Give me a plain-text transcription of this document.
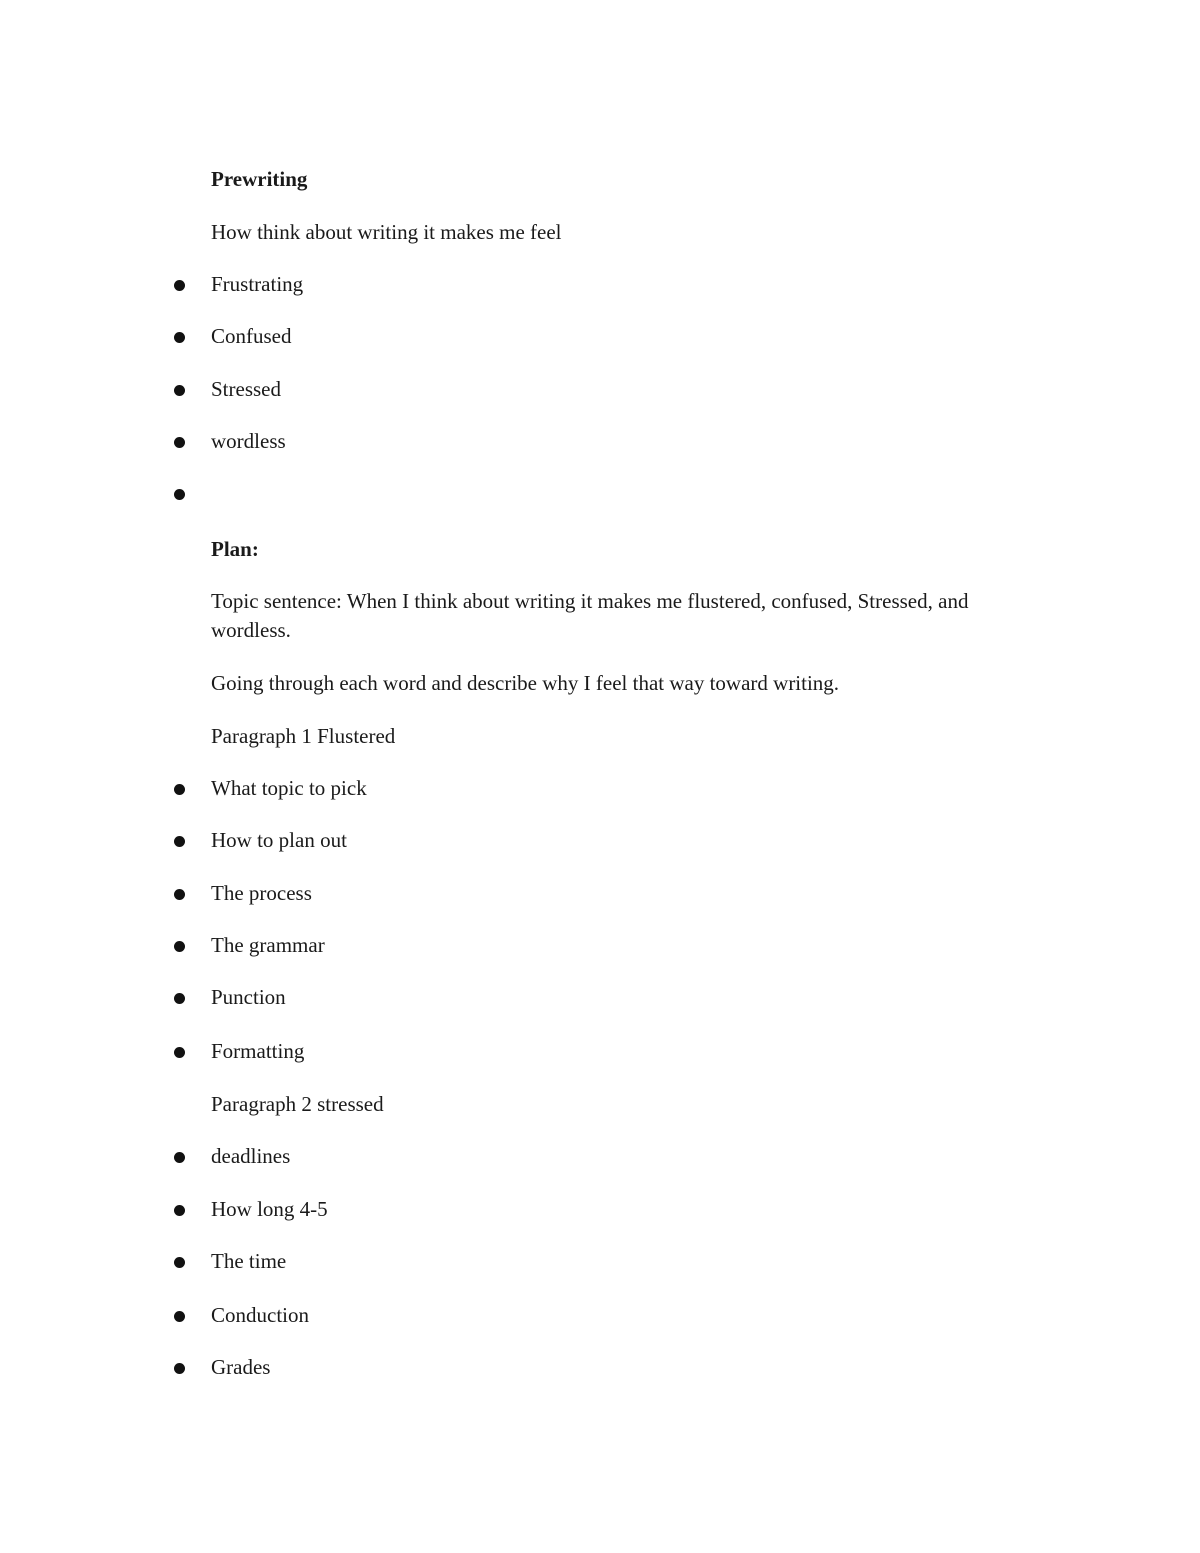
Prewriting
How think about writing it makes me feel
Frustrating
Confused
Stressed
wordless
Plan:
Topic sentence: When I think about writing it makes me flustered, confused, Stressed, and wordless.
Going through each word and describe why I feel that way toward writing.
Paragraph 1 Flustered
What topic to pick
How to plan out
The process
The grammar
Punction
Formatting
Paragraph 2 stressed
deadlines
How long 4-5
The time
Conduction
Grades
